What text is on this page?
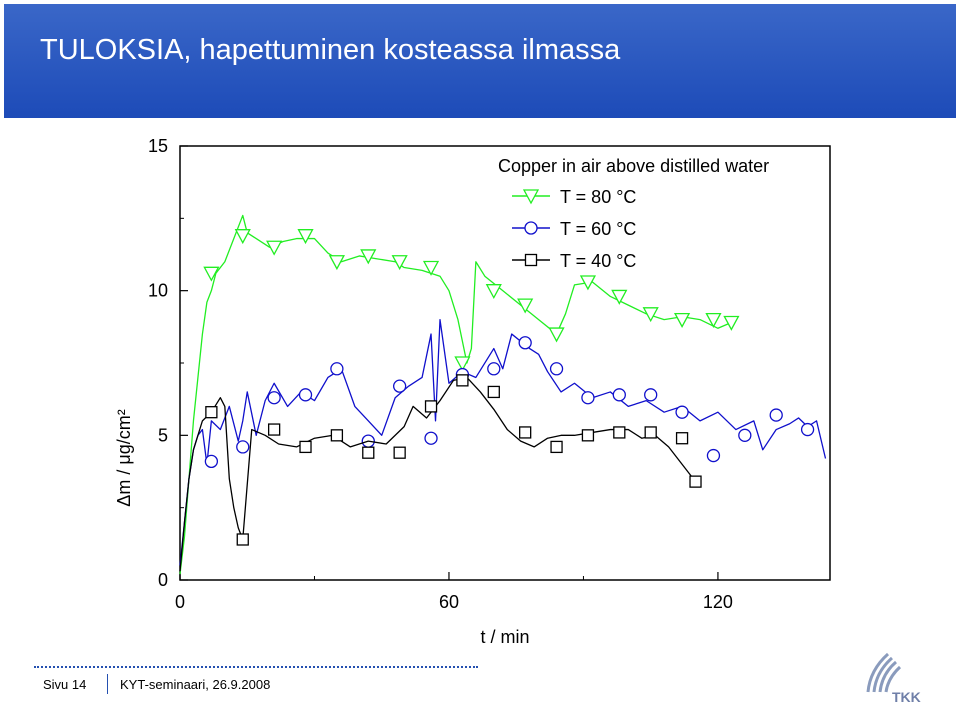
TULOKSIA, hapettuminen kosteassa ilmassa
0	60	120
0
5
10
15
Copper in air above distilled water
T = 80 °C
T = 60 °C
T = 40 °C
t / min
Δm / μg/cm²
Sivu 14	KYT-seminaari, 26.9.2008
TKK
